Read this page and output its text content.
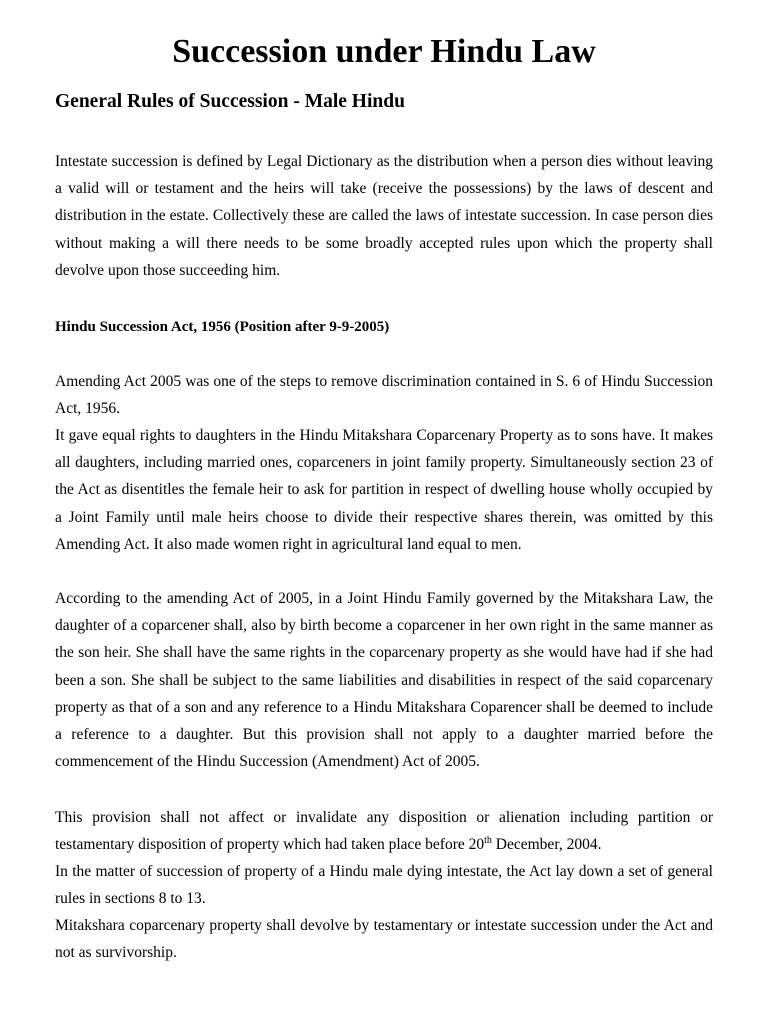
Succession under Hindu Law
General Rules of Succession - Male Hindu

Intestate succession is defined by Legal Dictionary as the distribution when a person dies without leaving a valid will or testament and the heirs will take (receive the possessions) by the laws of descent and distribution in the estate. Collectively these are called the laws of intestate succession. In case person dies without making a will there needs to be some broadly accepted rules upon which the property shall devolve upon those succeeding him.

Hindu Succession Act, 1956 (Position after 9-9-2005)

Amending Act 2005 was one of the steps to remove discrimination contained in S. 6 of Hindu Succession Act, 1956.

It gave equal rights to daughters in the Hindu Mitakshara Coparcenary Property as to sons have. It makes all daughters, including married ones, coparceners in joint family property. Simultaneously section 23 of the Act as disentitles the female heir to ask for partition in respect of dwelling house wholly occupied by a Joint Family until male heirs choose to divide their respective shares therein, was omitted by this Amending Act. It also made women right in agricultural land equal to men.

According to the amending Act of 2005, in a Joint Hindu Family governed by the Mitakshara Law, the daughter of a coparcener shall, also by birth become a coparcener in her own right in the same manner as the son heir. She shall have the same rights in the coparcenary property as she would have had if she had been a son. She shall be subject to the same liabilities and disabilities in respect of the said coparcenary property as that of a son and any reference to a Hindu Mitakshara Coparencer shall be deemed to include a reference to a daughter. But this provision shall not apply to a daughter married before the commencement of the Hindu Succession (Amendment) Act of 2005.

This provision shall not affect or invalidate any disposition or alienation including partition or testamentary disposition of property which had taken place before 20th December, 2004.

In the matter of succession of property of a Hindu male dying intestate, the Act lay down a set of general rules in sections 8 to 13.

Mitakshara coparcenary property shall devolve by testamentary or intestate succession under the Act and not as survivorship.
